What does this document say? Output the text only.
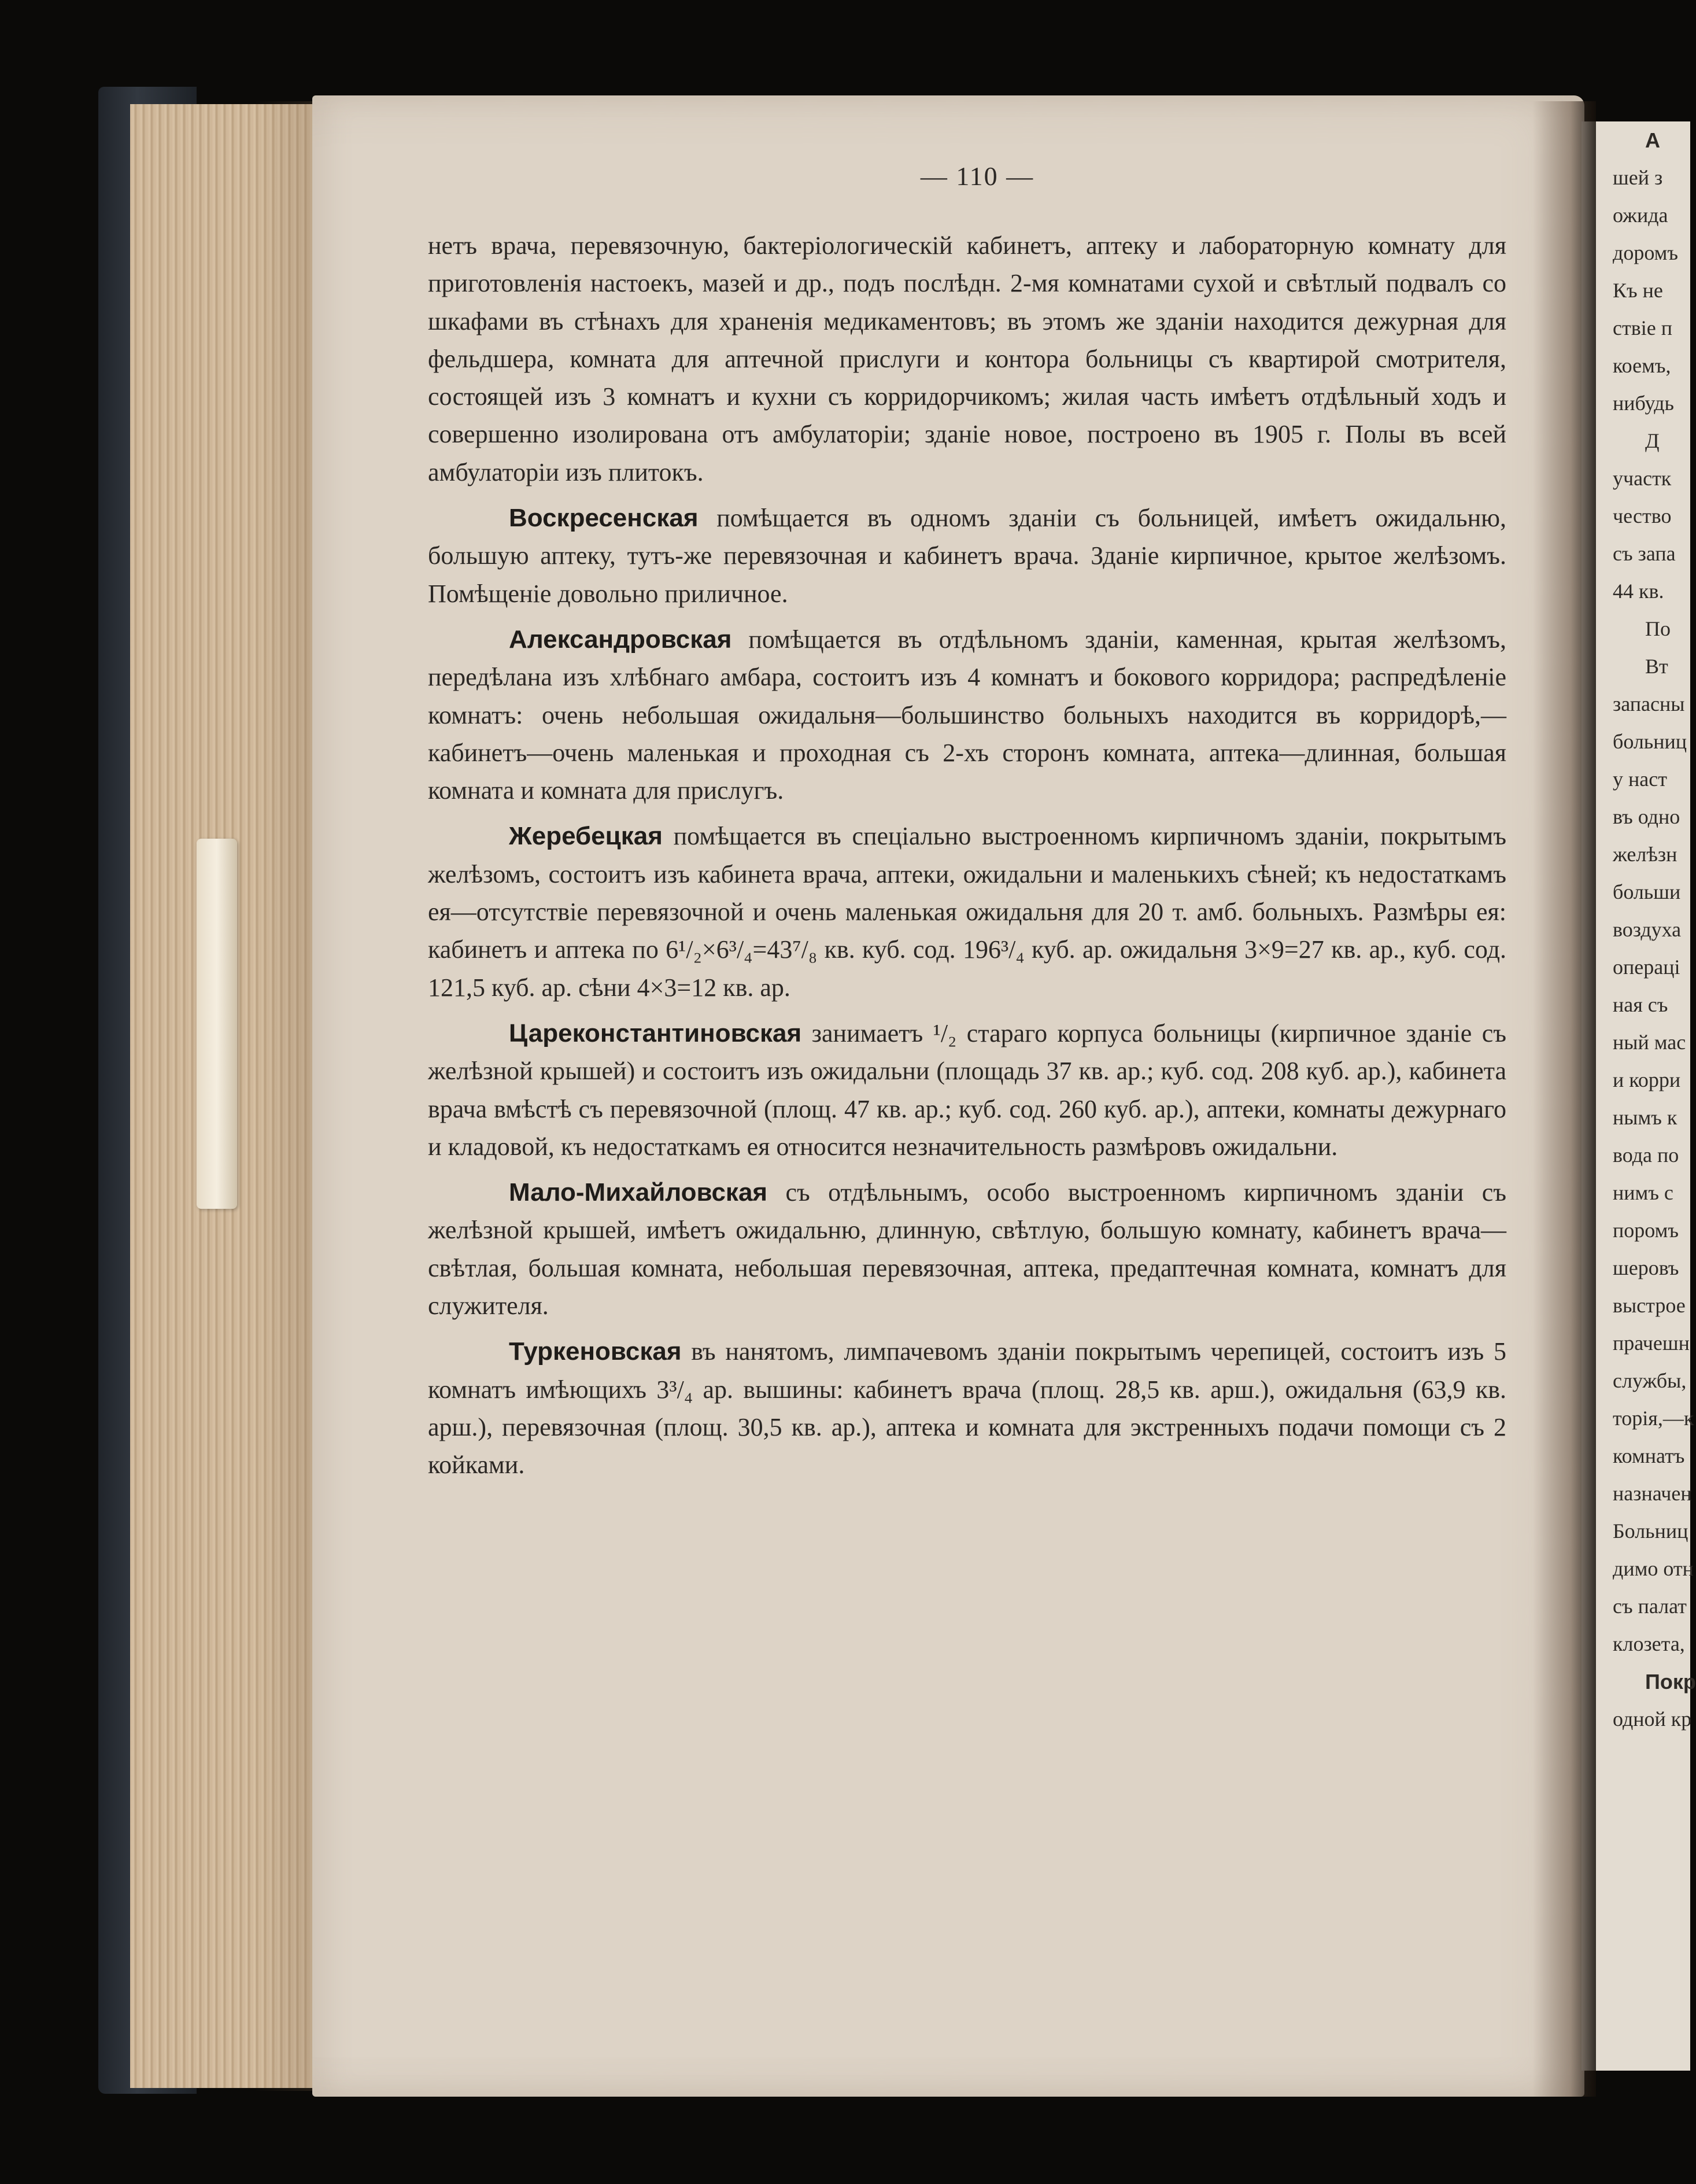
А
шей з
ожида
доромъ
Къ не
ствіе п
коемъ,
нибудь
Д
участк
чество
съ запа
44 кв.
По
Вт
запасны
больниц
у наст
въ одно
желѣзн
больши
воздуха
операці
ная съ
ный мас
и корри
нымъ к
вода по
нимъ с
поромъ
шеровъ
выстрое
прачешн
службы,
торія,—к
комнатъ
назначен
Больниц
димо отн
съ палат
клозета,
Покр
одной кр
— 110 —

нетъ врача, перевязочную, бактеріологическій кабинетъ, аптеку и лабораторную комнату для приготовленія настоекъ, мазей и др., подъ послѣдн. 2-мя комнатами сухой и свѣтлый подвалъ со шкафами въ стѣнахъ для храненія медикаментовъ; въ этомъ же зданіи находится дежурная для фельдшера, комната для аптечной прислуги и контора больницы съ квартирой смотрителя, состоящей изъ 3 комнатъ и кухни съ корридорчикомъ; жилая часть имѣетъ отдѣльный ходъ и совершенно изолирована отъ амбулаторіи; зданіе новое, построено въ 1905 г. Полы въ всей амбулаторіи изъ плитокъ.

Воскресенская помѣщается въ одномъ зданіи съ больницей, имѣетъ ожидальню, большую аптеку, тутъ-же перевязочная и кабинетъ врача. Зданіе кирпичное, крытое желѣзомъ. Помѣщеніе довольно приличное.

Александровская помѣщается въ отдѣльномъ зданіи, каменная, крытая желѣзомъ, передѣлана изъ хлѣбнаго амбара, состоитъ изъ 4 комнатъ и бокового корридора; распредѣленіе комнатъ: очень небольшая ожидальня—большинство больныхъ находится въ корридорѣ,—кабинетъ—очень маленькая и проходная съ 2-хъ сторонъ комната, аптека—длинная, большая комната и комната для прислугъ.

Жеребецкая помѣщается въ спеціально выстроенномъ кирпичномъ зданіи, покрытымъ желѣзомъ, состоитъ изъ кабинета врача, аптеки, ожидальни и маленькихъ сѣней; къ недостаткамъ ея—отсутствіе перевязочной и очень маленькая ожидальня для 20 т. амб. больныхъ. Размѣры ея: кабинетъ и аптека по 6¹/₂×6³/₄=43⁷/₈ кв. куб. сод. 196³/₄ куб. ар. ожидальня 3×9=27 кв. ар., куб. сод. 121,5 куб. ар. сѣни 4×3=12 кв. ар.

Цареконстантиновская занимаетъ ¹/₂ стараго корпуса больницы (кирпичное зданіе съ желѣзной крышей) и состоитъ изъ ожидальни (площадь 37 кв. ар.; куб. сод. 208 куб. ар.), кабинета врача вмѣстѣ съ перевязочной (площ. 47 кв. ар.; куб. сод. 260 куб. ар.), аптеки, комнаты дежурнаго и кладовой, къ недостаткамъ ея относится незначительность размѣровъ ожидальни.

Мало-Михайловская съ отдѣльнымъ, особо выстроенномъ кирпичномъ зданіи съ желѣзной крышей, имѣетъ ожидальню, длинную, свѣтлую, большую комнату, кабинетъ врача—свѣтлая, большая комната, небольшая перевязочная, аптека, предаптечная комната, комнатъ для служителя.

Туркеновская въ нанятомъ, лимпачевомъ зданіи покрытымъ черепицей, состоитъ изъ 5 комнатъ имѣющихъ 3³/₄ ар. вышины: кабинетъ врача (площ. 28,5 кв. арш.), ожидальня (63,9 кв. арш.), перевязочная (площ. 30,5 кв. ар.), аптека и комната для экстренныхъ подачи помощи съ 2 койками.
